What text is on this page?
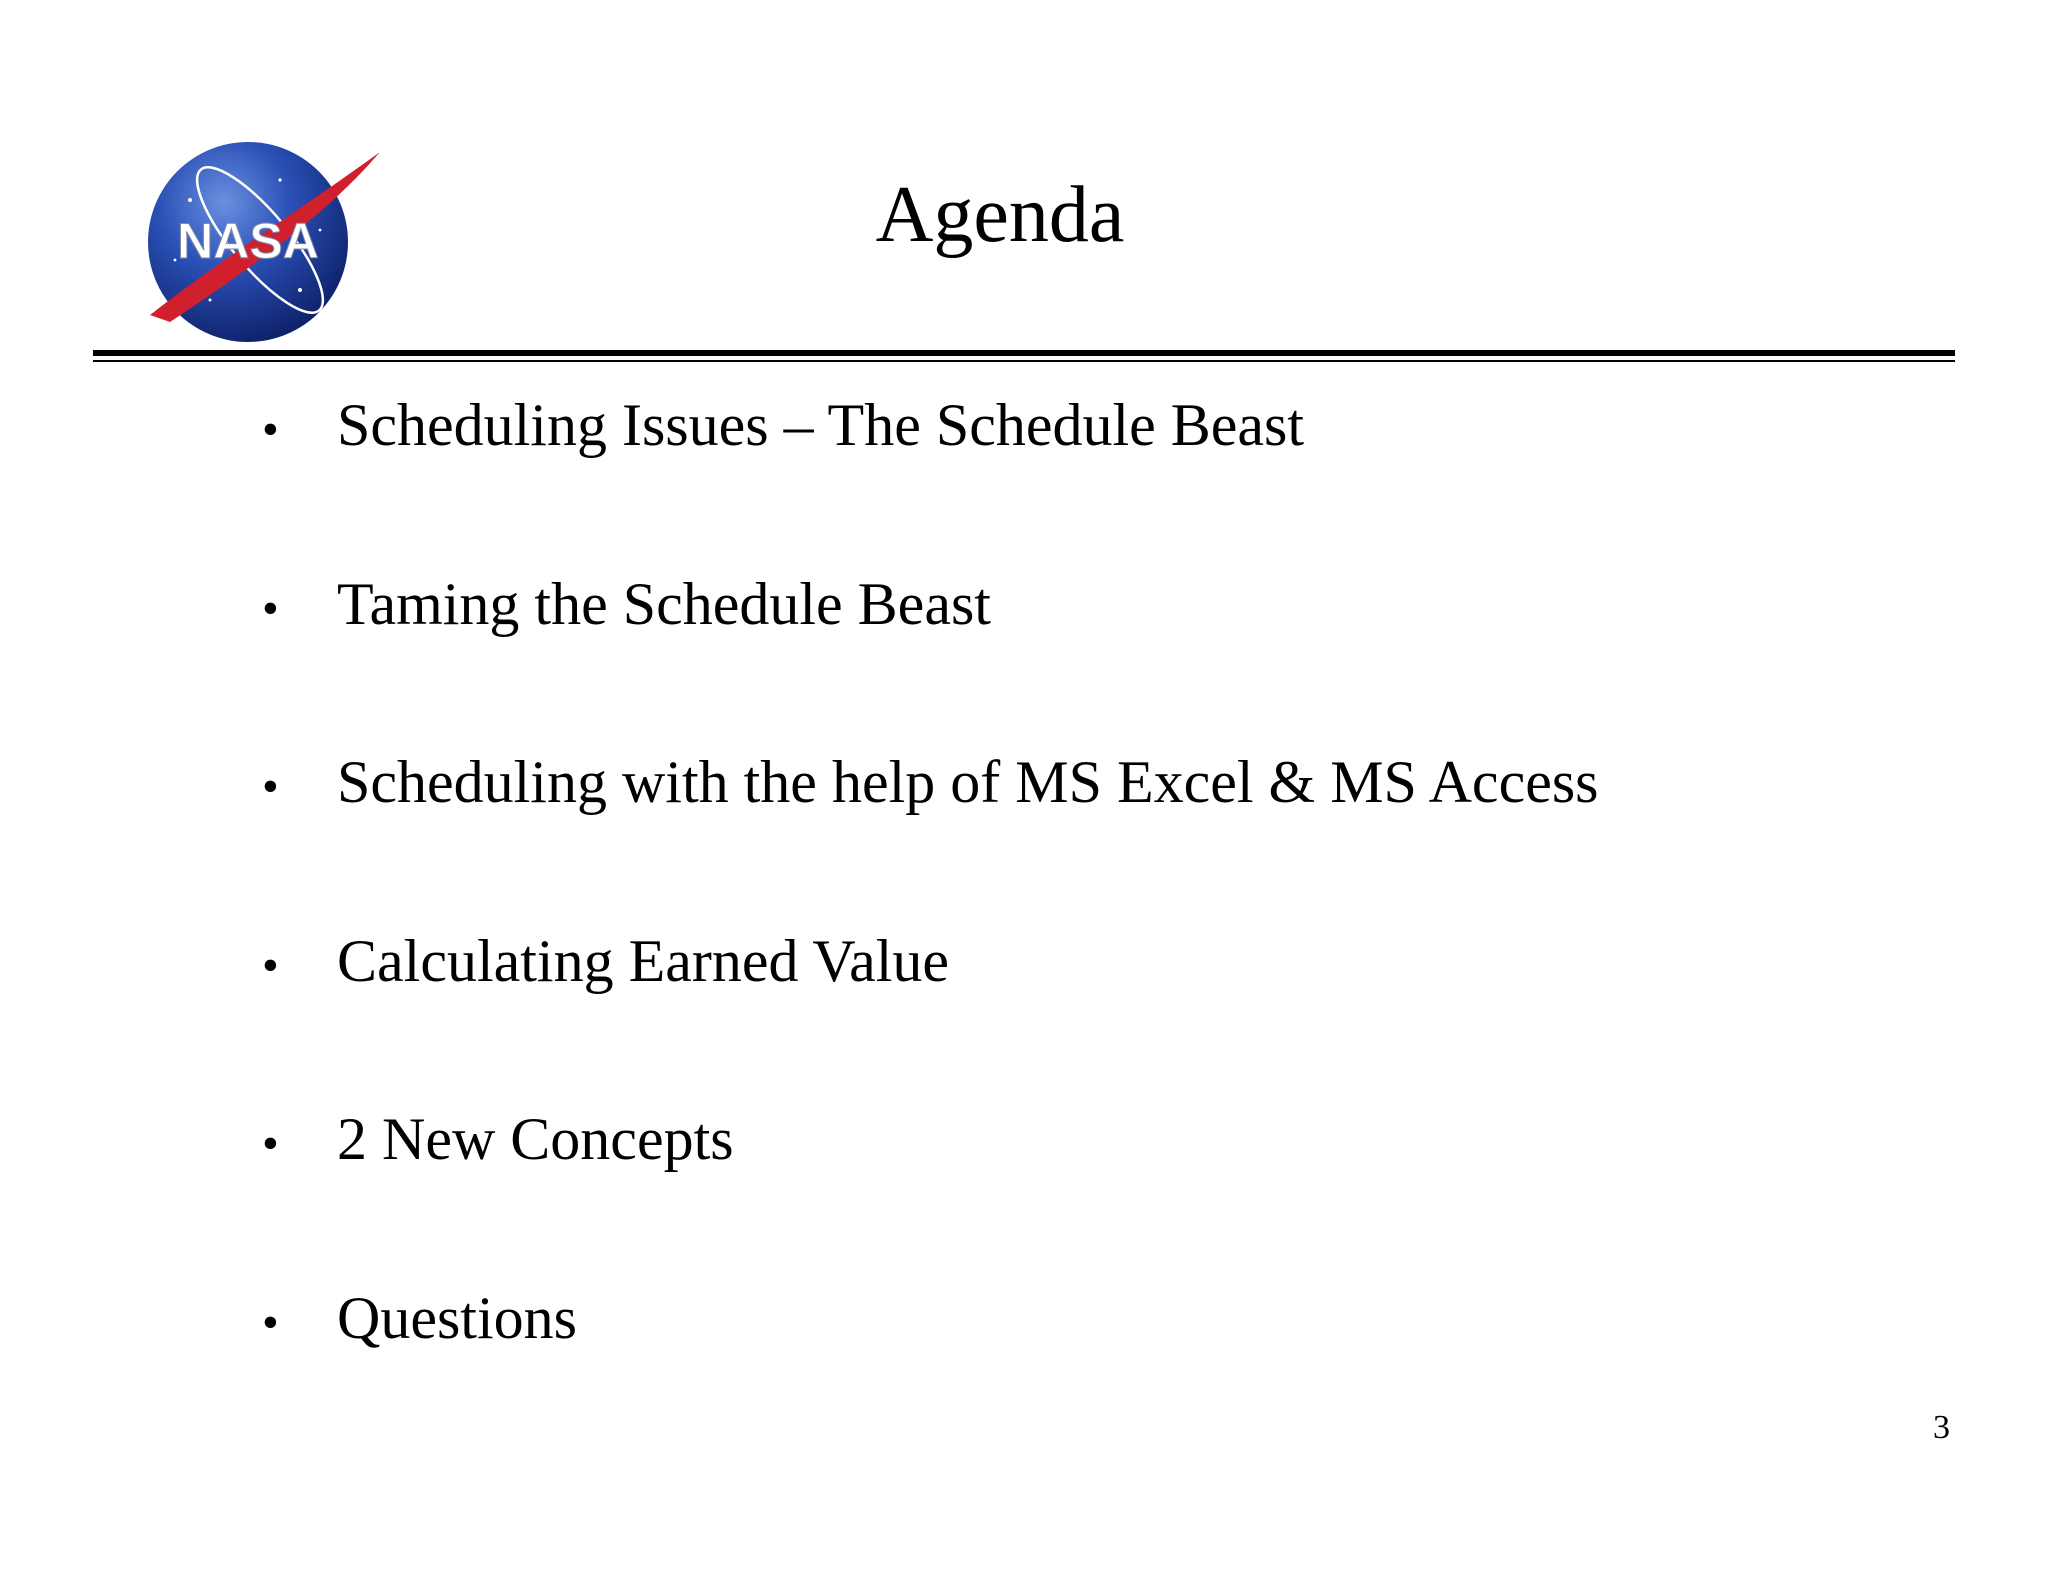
NASA	Agenda
• Scheduling Issues – The Schedule Beast
• Taming the Schedule Beast
• Scheduling with the help of MS Excel & MS Access
• Calculating Earned Value
• 2 New Concepts
• Questions
3
